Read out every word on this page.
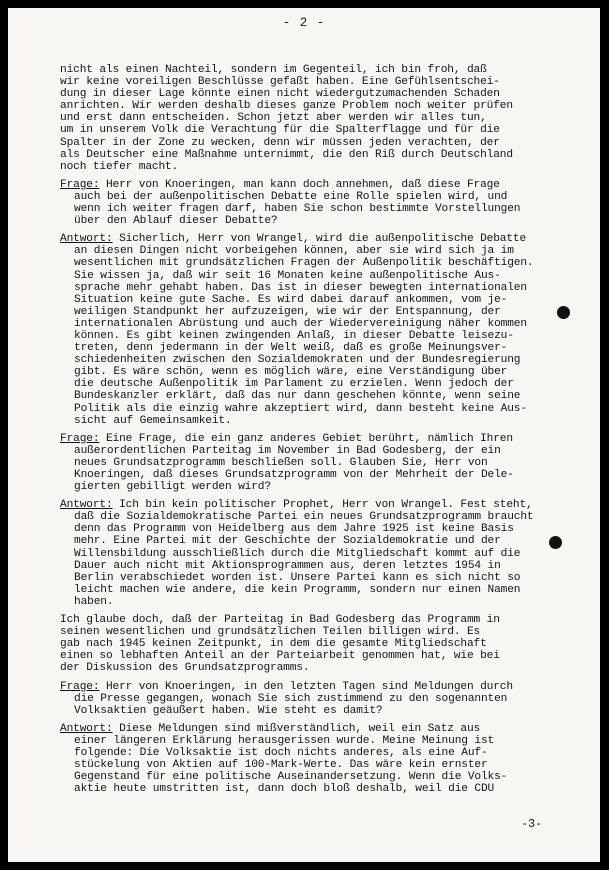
- 2 -
nicht als einen Nachteil, sondern im Gegenteil, ich bin froh, daß
wir keine voreiligen Beschlüsse gefaßt haben. Eine Gefühlsentschei-
dung in dieser Lage könnte einen nicht wiedergutzumachenden Schaden
anrichten. Wir werden deshalb dieses ganze Problem noch weiter prüfen
und erst dann entscheiden. Schon jetzt aber werden wir alles tun,
um in unserem Volk die Verachtung für die Spalterflagge und für die
Spalter in der Zone zu wecken, denn wir müssen jeden verachten, der
als Deutscher eine Maßnahme unternimmt, die den Riß durch Deutschland
noch tiefer macht.
Frage: Herr von Knoeringen, man kann doch annehmen, daß diese Frage
auch bei der außenpolitischen Debatte eine Rolle spielen wird, und
wenn ich weiter fragen darf, haben Sie schon bestimmte Vorstellungen
über den Ablauf dieser Debatte?
Antwort: Sicherlich, Herr von Wrangel, wird die außenpolitische Debatte
an diesen Dingen nicht vorbeigehen können, aber sie wird sich ja im
wesentlichen mit grundsätzlichen Fragen der Außenpolitik beschäftigen.
Sie wissen ja, daß wir seit 16 Monaten keine außenpolitische Aus-
sprache mehr gehabt haben. Das ist in dieser bewegten internationalen
Situation keine gute Sache. Es wird dabei darauf ankommen, vom je-
weiligen Standpunkt her aufzuzeigen, wie wir der Entspannung, der
internationalen Abrüstung und auch der Wiedervereinigung näher kommen
können. Es gibt keinen zwingenden Anlaß, in dieser Debatte leisezu-
treten, denn jedermann in der Welt weiß, daß es große Meinungsver-
schiedenheiten zwischen den Sozialdemokraten und der Bundesregierung
gibt. Es wäre schön, wenn es möglich wäre, eine Verständigung über
die deutsche Außenpolitik im Parlament zu erzielen. Wenn jedoch der
Bundeskanzler erklärt, daß das nur dann geschehen könnte, wenn seine
Politik als die einzig wahre akzeptiert wird, dann besteht keine Aus-
sicht auf Gemeinsamkeit.
Frage: Eine Frage, die ein ganz anderes Gebiet berührt, nämlich Ihren
außerordentlichen Parteitag im November in Bad Godesberg, der ein
neues Grundsatzprogramm beschließen soll. Glauben Sie, Herr von
Knoeringen, daß dieses Grundsatzprogramm von der Mehrheit der Dele-
gierten gebilligt werden wird?
Antwort: Ich bin kein politischer Prophet, Herr von Wrangel. Fest steht,
daß die Sozialdemokratische Partei ein neues Grundsatzprogramm braucht
denn das Programm von Heidelberg aus dem Jahre 1925 ist keine Basis
mehr. Eine Partei mit der Geschichte der Sozialdemokratie und der
Willensbildung ausschließlich durch die Mitgliedschaft kommt auf die
Dauer auch nicht mit Aktionsprogrammen aus, deren letztes 1954 in
Berlin verabschiedet worden ist. Unsere Partei kann es sich nicht so
leicht machen wie andere, die kein Programm, sondern nur einen Namen
haben.
Ich glaube doch, daß der Parteitag in Bad Godesberg das Programm in
seinen wesentlichen und grundsätzlichen Teilen billigen wird. Es
gab nach 1945 keinen Zeitpunkt, in dem die gesamte Mitgliedschaft
einen so lebhaften Anteil an der Parteiarbeit genommen hat, wie bei
der Diskussion des Grundsatzprogramms.
Frage: Herr von Knoeringen, in den letzten Tagen sind Meldungen durch
die Presse gegangen, wonach Sie sich zustimmend zu den sogenannten
Volksaktien geäußert haben. Wie steht es damit?
Antwort: Diese Meldungen sind mißverständlich, weil ein Satz aus
einer längeren Erklärung herausgerissen wurde. Meine Meinung ist
folgende: Die Volksaktie ist doch nichts anderes, als eine Auf-
stückelung von Aktien auf 100-Mark-Werte. Das wäre kein ernster
Gegenstand für eine politische Auseinandersetzung. Wenn die Volks-
aktie heute umstritten ist, dann doch bloß deshalb, weil die CDU
-3-
